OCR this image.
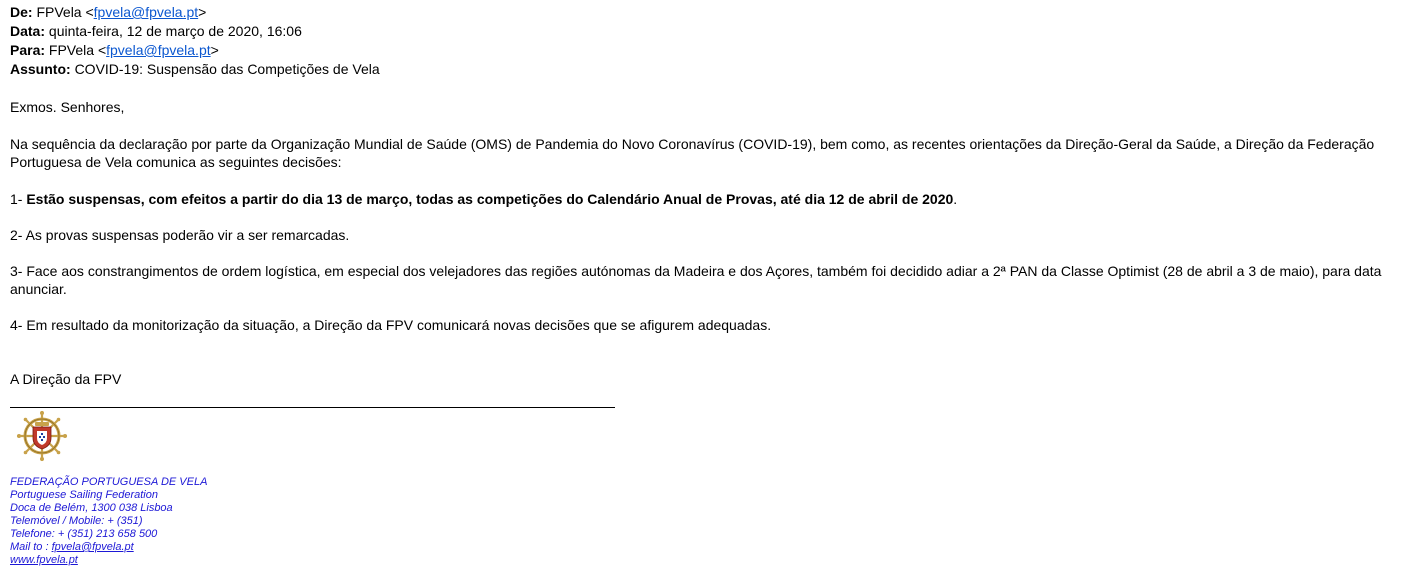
De: FPVela <fpvela@fpvela.pt>
Data: quinta-feira, 12 de março de 2020, 16:06
Para: FPVela <fpvela@fpvela.pt>
Assunto: COVID-19: Suspensão das Competições de Vela

Exmos. Senhores,

Na sequência da declaração por parte da Organização Mundial de Saúde (OMS) de Pandemia do Novo Coronavírus (COVID-19), bem como, as recentes orientações da Direção-Geral da Saúde, a Direção da Federação Portuguesa de Vela comunica as seguintes decisões:

1- Estão suspensas, com efeitos a partir do dia 13 de março, todas as competições do Calendário Anual de Provas, até dia 12 de abril de 2020.

2- As provas suspensas poderão vir a ser remarcadas.

3- Face aos constrangimentos de ordem logística, em especial dos velejadores das regiões autónomas da Madeira e dos Açores, também foi decidido adiar a 2ª PAN da Classe Optimist (28 de abril a 3 de maio), para data anunciar.

4- Em resultado da monitorização da situação, a Direção da FPV comunicará novas decisões que se afigurem adequadas.

A Direção da FPV

FEDERAÇÃO PORTUGUESA DE VELA
Portuguese Sailing Federation
Doca de Belém, 1300 038 Lisboa
Telemóvel / Mobile: + (351)
Telefone: + (351) 213 658 500
Mail to : fpvela@fpvela.pt
www.fpvela.pt
